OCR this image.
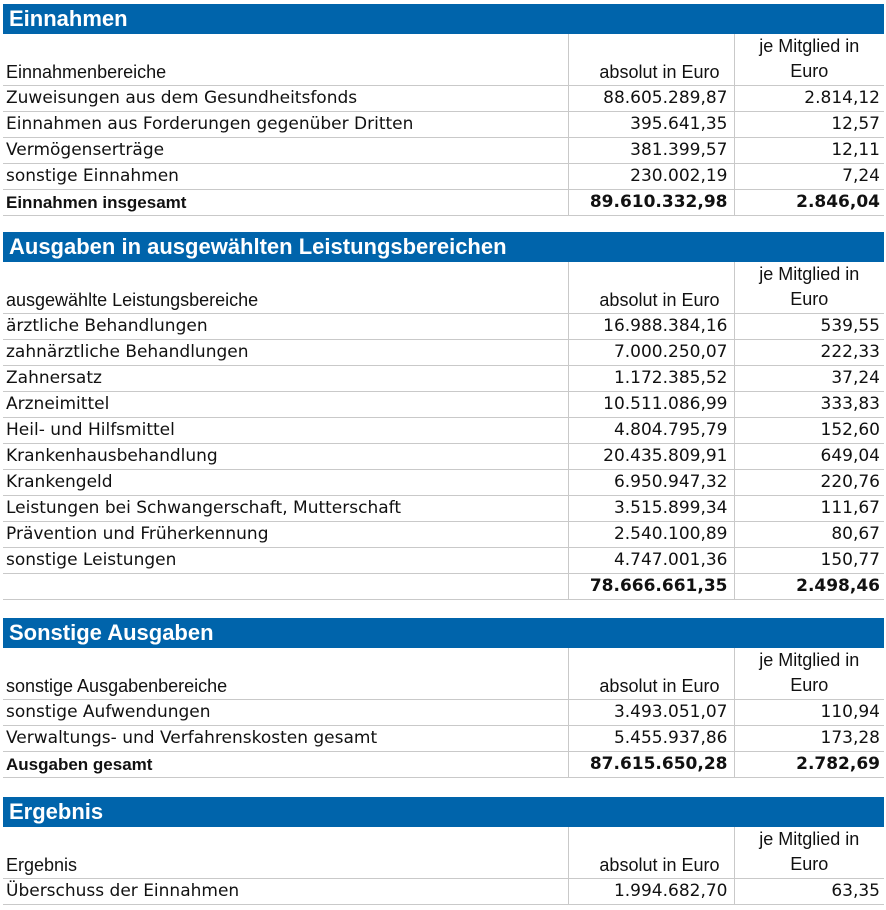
Einnahmen
Einnahmenbereiche	absolut in Euro	je Mitglied in Euro
Zuweisungen aus dem Gesundheitsfonds	88.605.289,87	2.814,12
Einnahmen aus Forderungen gegenüber Dritten	395.641,35	12,57
Vermögenserträge	381.399,57	12,11
sonstige Einnahmen	230.002,19	7,24
Einnahmen insgesamt	89.610.332,98	2.846,04
Ausgaben in ausgewählten Leistungsbereichen
ausgewählte Leistungsbereiche	absolut in Euro	je Mitglied in Euro
ärztliche Behandlungen	16.988.384,16	539,55
zahnärztliche Behandlungen	7.000.250,07	222,33
Zahnersatz	1.172.385,52	37,24
Arzneimittel	10.511.086,99	333,83
Heil- und Hilfsmittel	4.804.795,79	152,60
Krankenhausbehandlung	20.435.809,91	649,04
Krankengeld	6.950.947,32	220,76
Leistungen bei Schwangerschaft, Mutterschaft	3.515.899,34	111,67
Prävention und Früherkennung	2.540.100,89	80,67
sonstige Leistungen	4.747.001,36	150,77
	78.666.661,35	2.498,46
Sonstige Ausgaben
sonstige Ausgabenbereiche	absolut in Euro	je Mitglied in Euro
sonstige Aufwendungen	3.493.051,07	110,94
Verwaltungs- und Verfahrenskosten gesamt	5.455.937,86	173,28
Ausgaben gesamt	87.615.650,28	2.782,69
Ergebnis
Ergebnis	absolut in Euro	je Mitglied in Euro
Überschuss der Einnahmen	1.994.682,70	63,35
